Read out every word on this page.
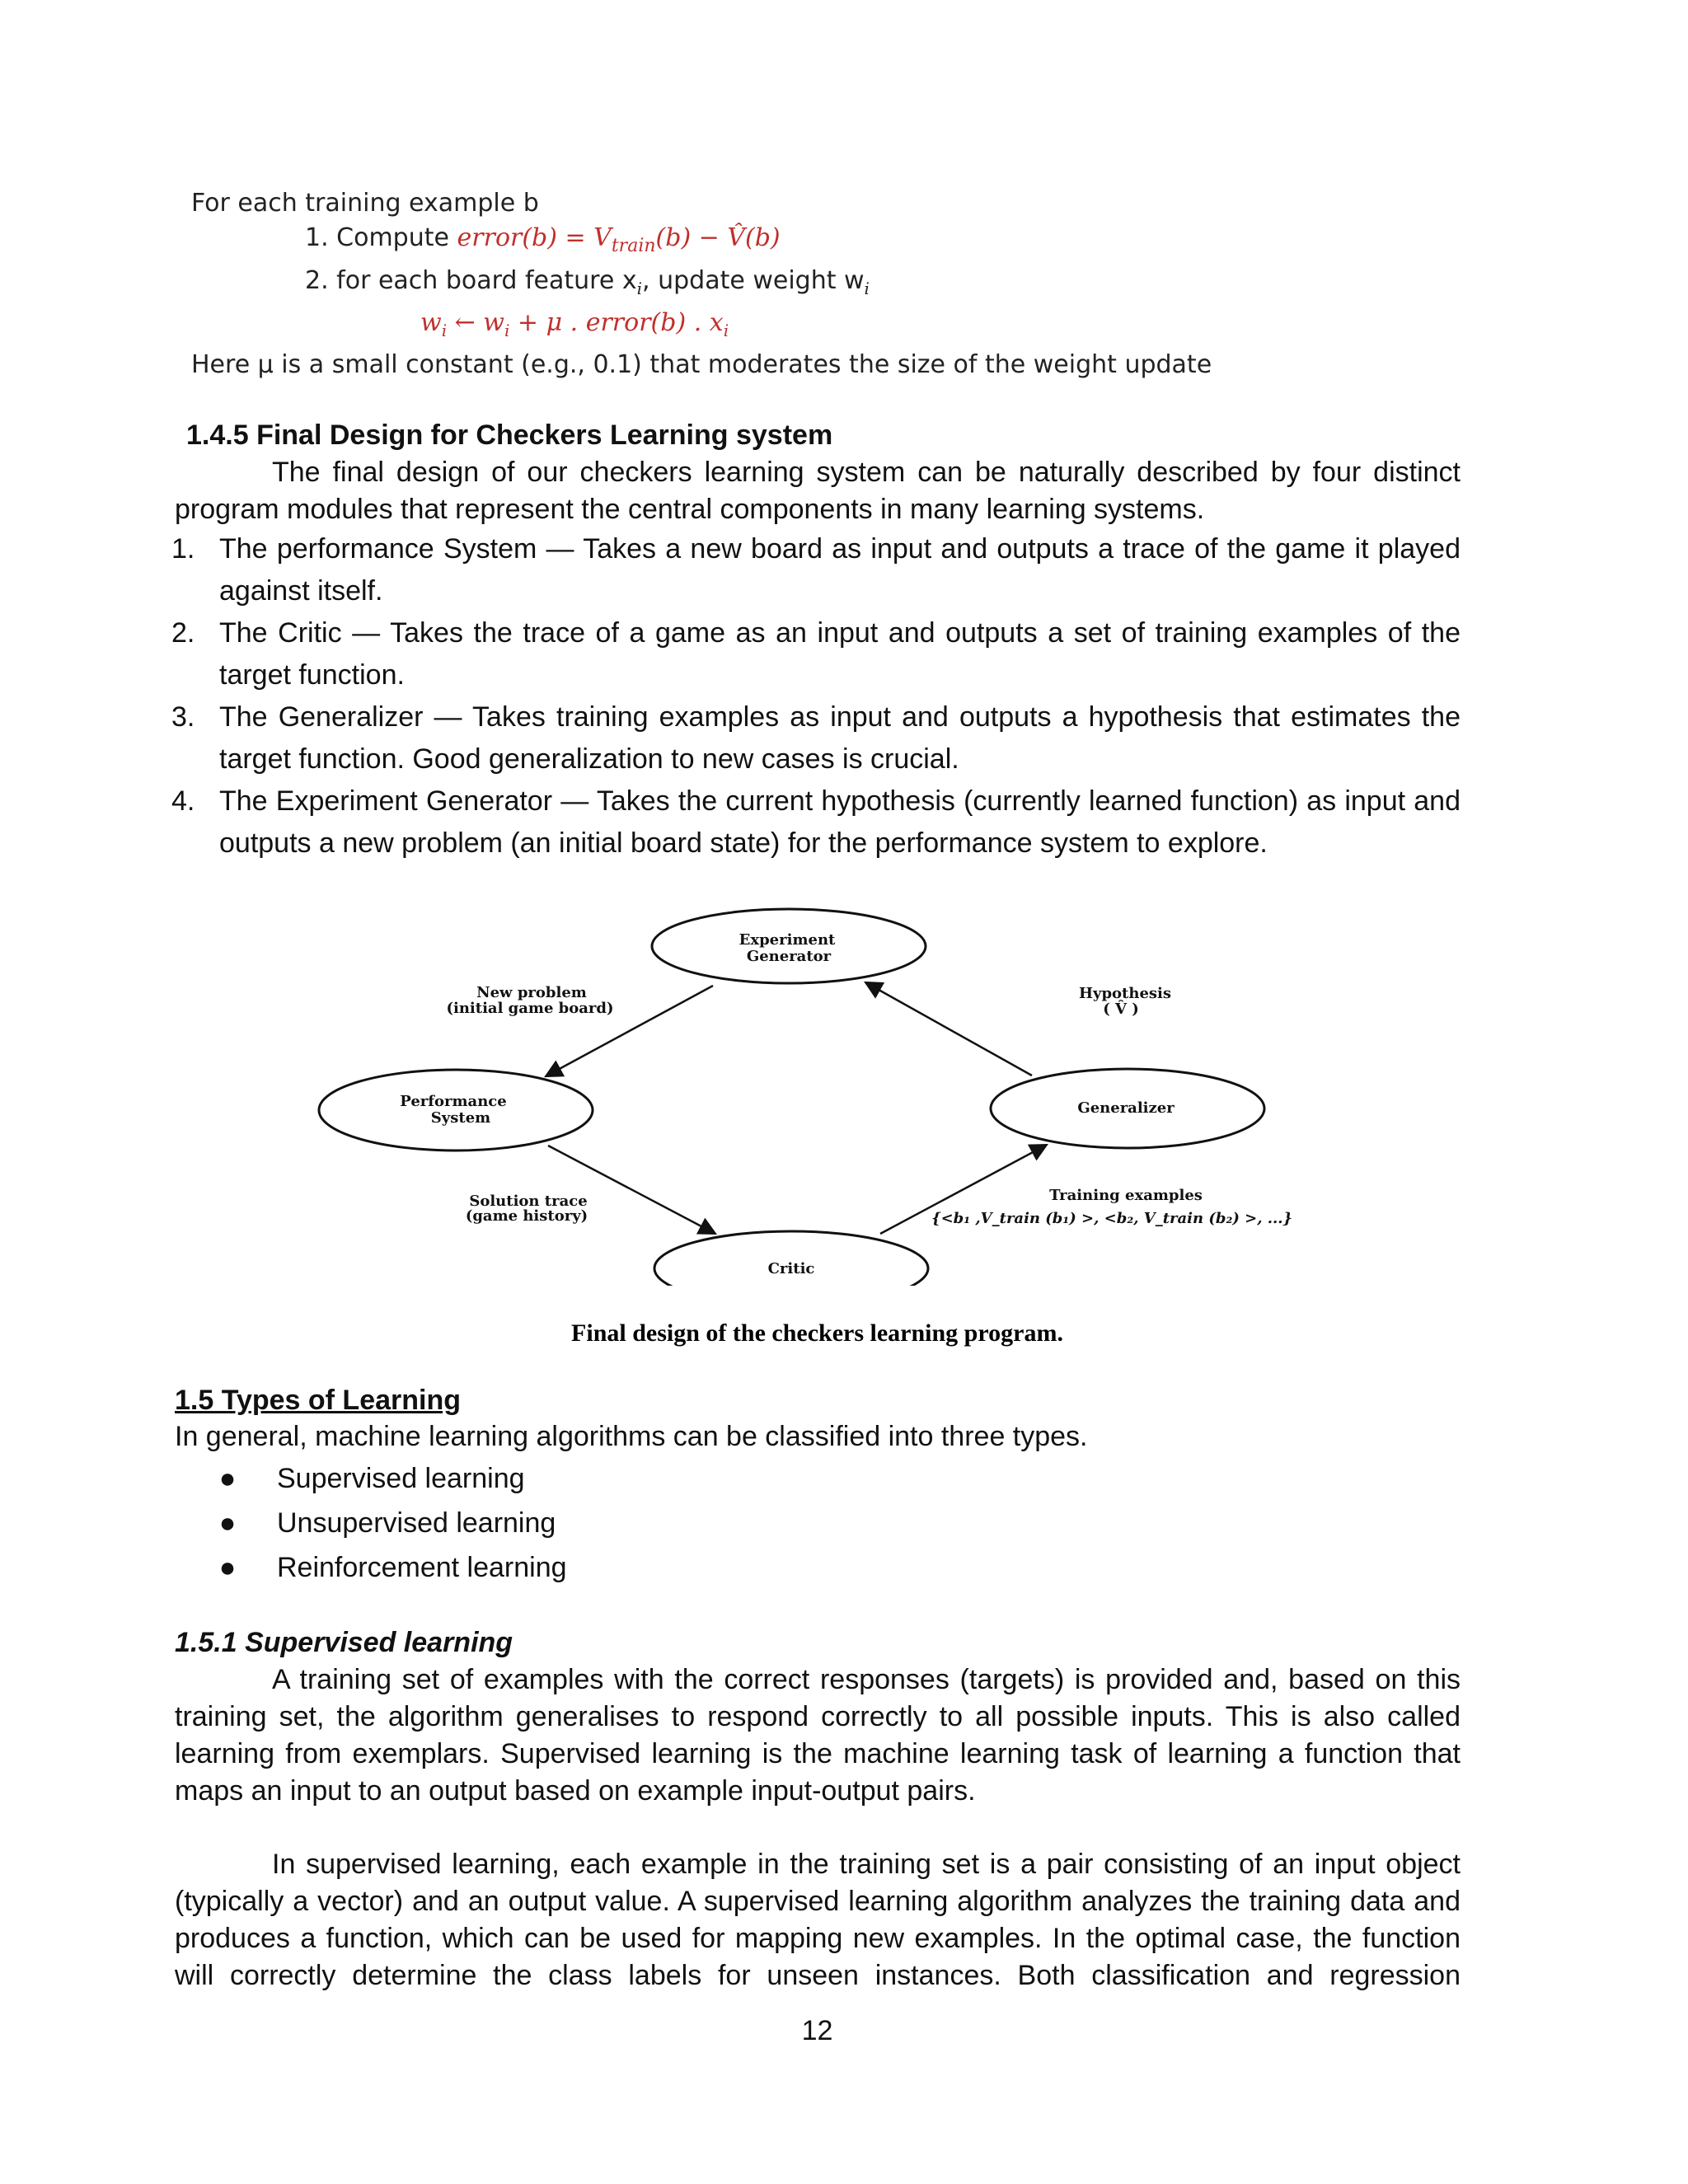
For each training example b
1. Compute error(b) = $V_{train}(b)$ − V̂(b)
2. for each board feature $x_i$, update weight $w_i$
$w_i$ ← $w_i + \mu$ . error(b) . $x_i$
Here μ is a small constant (e.g., 0.1) that moderates the size of the weight update
1.4.5 Final Design for Checkers Learning system
The final design of our checkers learning system can be naturally described by four distinct program modules that represent the central components in many learning systems.
1. The performance System — Takes a new board as input and outputs a trace of the game it played against itself.
2. The Critic — Takes the trace of a game as an input and outputs a set of training examples of the target function.
3. The Generalizer — Takes training examples as input and outputs a hypothesis that estimates the target function. Good generalization to new cases is crucial.
4. The Experiment Generator — Takes the current hypothesis (currently learned function) as input and outputs a new problem (an initial board state) for the performance system to explore.
Experiment
Generator
Performance
System
Generalizer
Critic
New problem
(initial game board)
Hypothesis
( V̂ )
Solution trace
(game history)
Training examples
{<b₁ ,V_train (b₁) >, <b₂, V_train (b₂) >, ...}
Final design of the checkers learning program.
1.5 Types of Learning
In general, machine learning algorithms can be classified into three types.
●	Supervised learning
●	Unsupervised learning
●	Reinforcement learning
1.5.1 Supervised learning
A training set of examples with the correct responses (targets) is provided and, based on this training set, the algorithm generalises to respond correctly to all possible inputs. This is also called learning from exemplars. Supervised learning is the machine learning task of learning a function that maps an input to an output based on example input-output pairs.
In supervised learning, each example in the training set is a pair consisting of an input object (typically a vector) and an output value. A supervised learning algorithm analyzes the training data and produces a function, which can be used for mapping new examples. In the optimal case, the function will correctly determine the class labels for unseen instances. Both classification and regression
12
